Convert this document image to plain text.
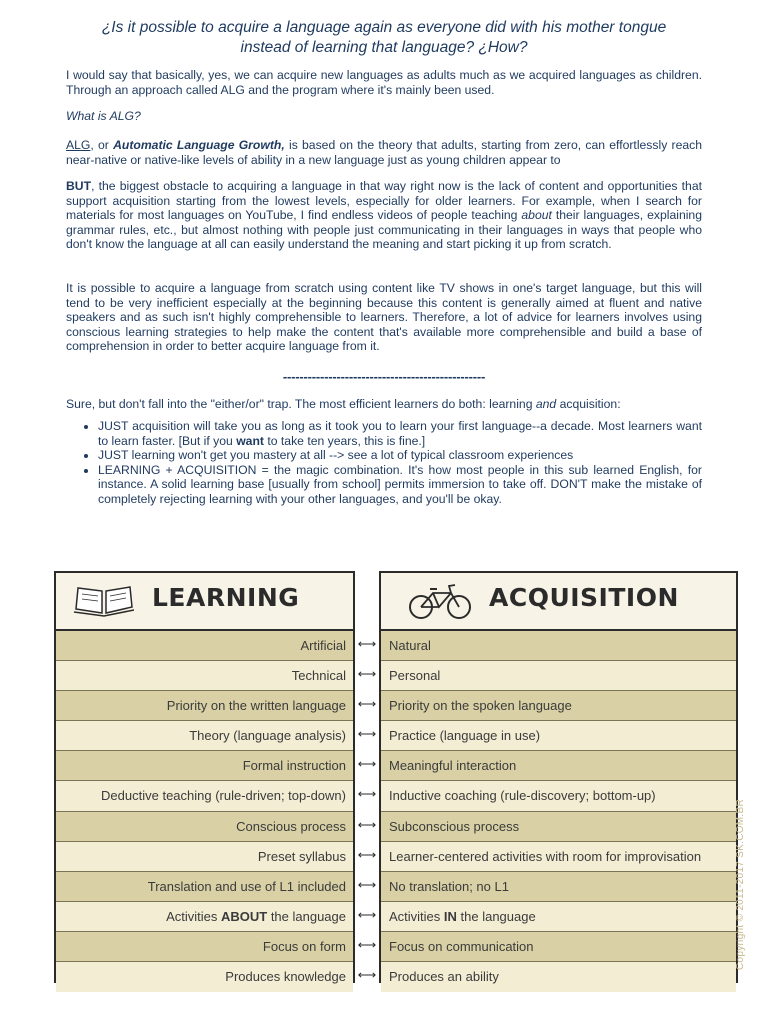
¿Is it possible to acquire a language again as everyone did with his mother tongue
instead of learning that language? ¿How?

I would say that basically, yes, we can acquire new languages as adults much as we acquired languages as children. Through an approach called ALG and the program where it's mainly been used.

What is ALG?

ALG, or Automatic Language Growth, is based on the theory that adults, starting from zero, can effortlessly reach near-native or native-like levels of ability in a new language just as young children appear to

BUT, the biggest obstacle to acquiring a language in that way right now is the lack of content and opportunities that support acquisition starting from the lowest levels, especially for older learners. For example, when I search for materials for most languages on YouTube, I find endless videos of people teaching about their languages, explaining grammar rules, etc., but almost nothing with people just communicating in their languages in ways that people who don't know the language at all can easily understand the meaning and start picking it up from scratch.

It is possible to acquire a language from scratch using content like TV shows in one's target language, but this will tend to be very inefficient especially at the beginning because this content is generally aimed at fluent and native speakers and as such isn't highly comprehensible to learners. Therefore, a lot of advice for learners involves using conscious learning strategies to help make the content that's available more comprehensible and build a base of comprehension in order to better acquire language from it.

-------------------------------------------------

Sure, but don't fall into the "either/or" trap. The most efficient learners do both: learning and acquisition:

• JUST acquisition will take you as long as it took you to learn your first language--a decade. Most learners want to learn faster. [But if you want to take ten years, this is fine.]
• JUST learning won't get you mastery at all --> see a lot of typical classroom experiences
• LEARNING + ACQUISITION = the magic combination. It's how most people in this sub learned English, for instance. A solid learning base [usually from school] permits immersion to take off. DON'T make the mistake of completely rejecting learning with your other languages, and you'll be okay.
LEARNING
Artificial
Technical
Priority on the written language
Theory (language analysis)
Formal instruction
Deductive teaching (rule-driven; top-down)
Conscious process
Preset syllabus
Translation and use of L1 included
Activities ABOUT the language
Focus on form
Produces knowledge
⟷
⟷
⟷
⟷
⟷
⟷
⟷
⟷
⟷
⟷
⟷
⟷
ACQUISITION
Natural
Personal
Priority on the spoken language
Practice (language in use)
Meaningful interaction
Inductive coaching (rule-discovery; bottom-up)
Subconscious process
Learner-centered activities with room for improvisation
No translation; no L1
Activities IN the language
Focus on communication
Produces an ability
Copyright © 2011-2017 SK.COM.BR
